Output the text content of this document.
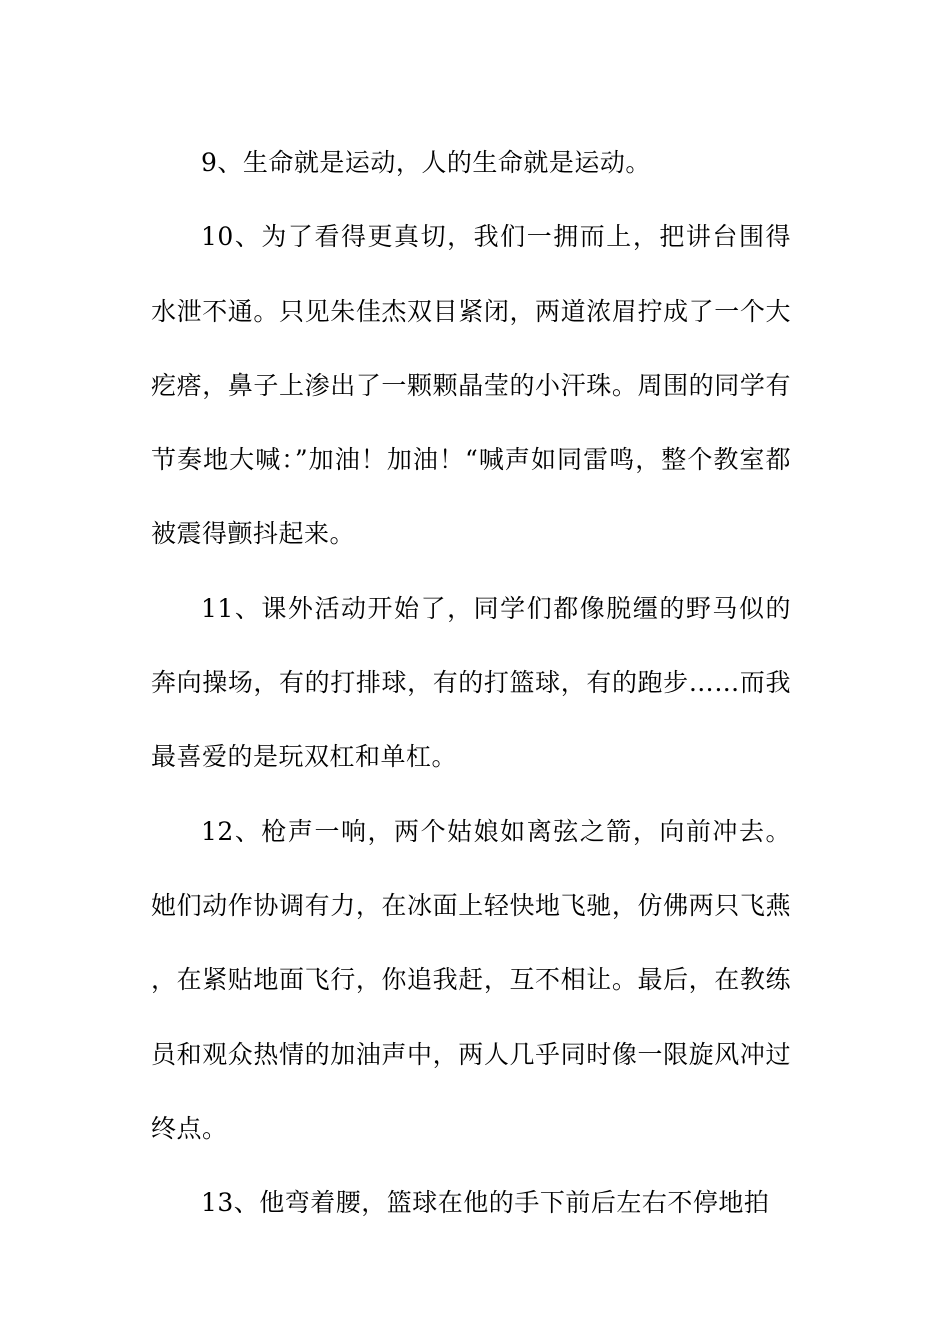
9、生命就是运动，人的生命就是运动。

10、为了看得更真切，我们一拥而上，把讲台围得水泄不通。只见朱佳杰双目紧闭，两道浓眉拧成了一个大疙瘩，鼻子上渗出了一颗颗晶莹的小汗珠。周围的同学有节奏地大喊：”加油！加油！“喊声如同雷鸣，整个教室都被震得颤抖起来。

11、课外活动开始了，同学们都像脱缰的野马似的奔向操场，有的打排球，有的打篮球，有的跑步……而我最喜爱的是玩双杠和单杠。

12、枪声一响，两个姑娘如离弦之箭，向前冲去。她们动作协调有力，在冰面上轻快地飞驰，仿佛两只飞燕，在紧贴地面飞行，你追我赶，互不相让。最后，在教练员和观众热情的加油声中，两人几乎同时像一限旋风冲过终点。

13、他弯着腰，篮球在他的手下前后左右不停地拍
